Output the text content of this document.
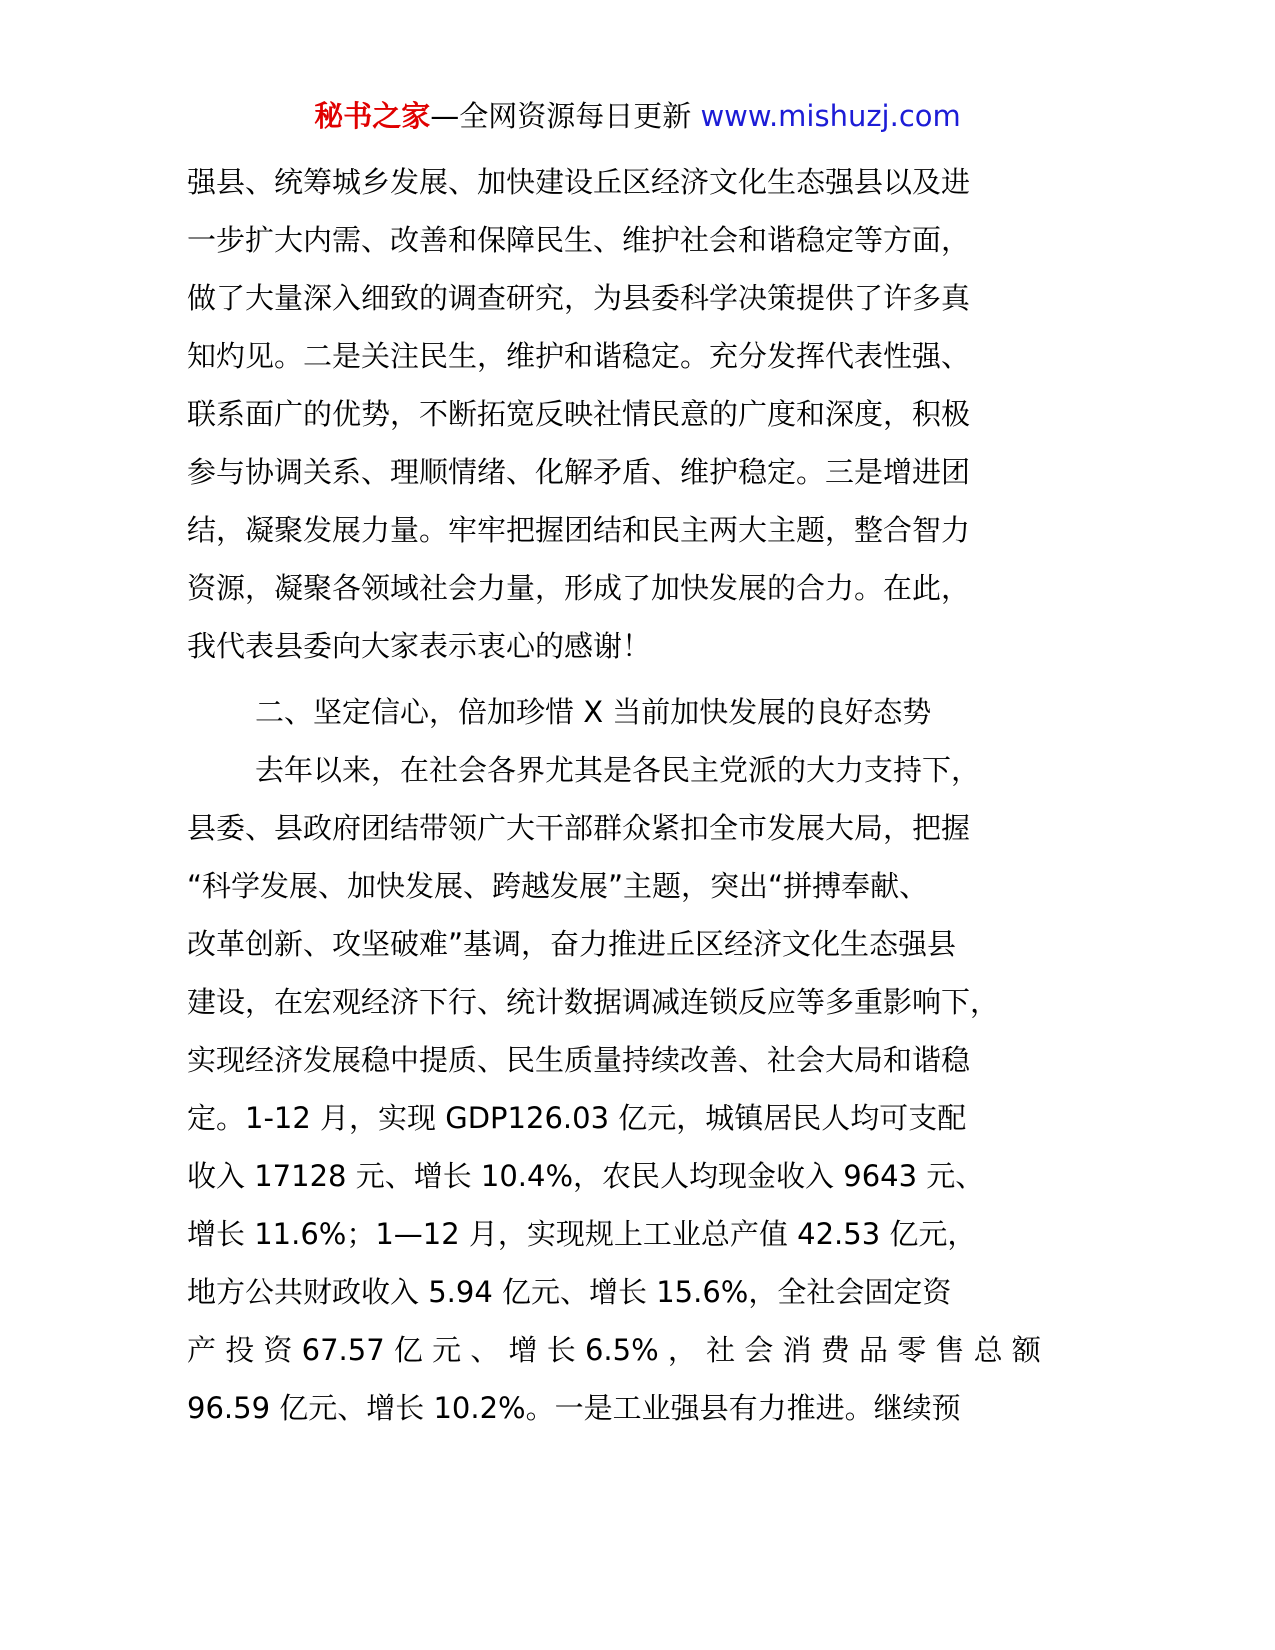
秘书之家—全网资源每日更新 www.mishuzj.com
强县、统筹城乡发展、加快建设丘区经济文化生态强县以及进
一步扩大内需、改善和保障民生、维护社会和谐稳定等方面，
做了大量深入细致的调查研究，为县委科学决策提供了许多真
知灼见。二是关注民生，维护和谐稳定。充分发挥代表性强、
联系面广的优势，不断拓宽反映社情民意的广度和深度，积极
参与协调关系、理顺情绪、化解矛盾、维护稳定。三是增进团
结，凝聚发展力量。牢牢把握团结和民主两大主题，整合智力
资源，凝聚各领域社会力量，形成了加快发展的合力。在此，
我代表县委向大家表示衷心的感谢！
二、坚定信心，倍加珍惜 X 当前加快发展的良好态势
去年以来，在社会各界尤其是各民主党派的大力支持下，
县委、县政府团结带领广大干部群众紧扣全市发展大局，把握
“科学发展、加快发展、跨越发展”主题，突出“拼搏奉献、
改革创新、攻坚破难”基调，奋力推进丘区经济文化生态强县
建设，在宏观经济下行、统计数据调减连锁反应等多重影响下，
实现经济发展稳中提质、民生质量持续改善、社会大局和谐稳
定。1-12 月，实现 GDP126.03 亿元，城镇居民人均可支配
收入 17128 元、增长 10.4%，农民人均现金收入 9643 元、
增长 11.6%；1—12 月，实现规上工业总产值 42.53 亿元，
地方公共财政收入 5.94 亿元、增长 15.6%，全社会固定资
产 投 资 67.57 亿 元 、 增 长 6.5% ， 社 会 消 费 品 零 售 总 额
96.59 亿元、增长 10.2%。一是工业强县有力推进。继续预
